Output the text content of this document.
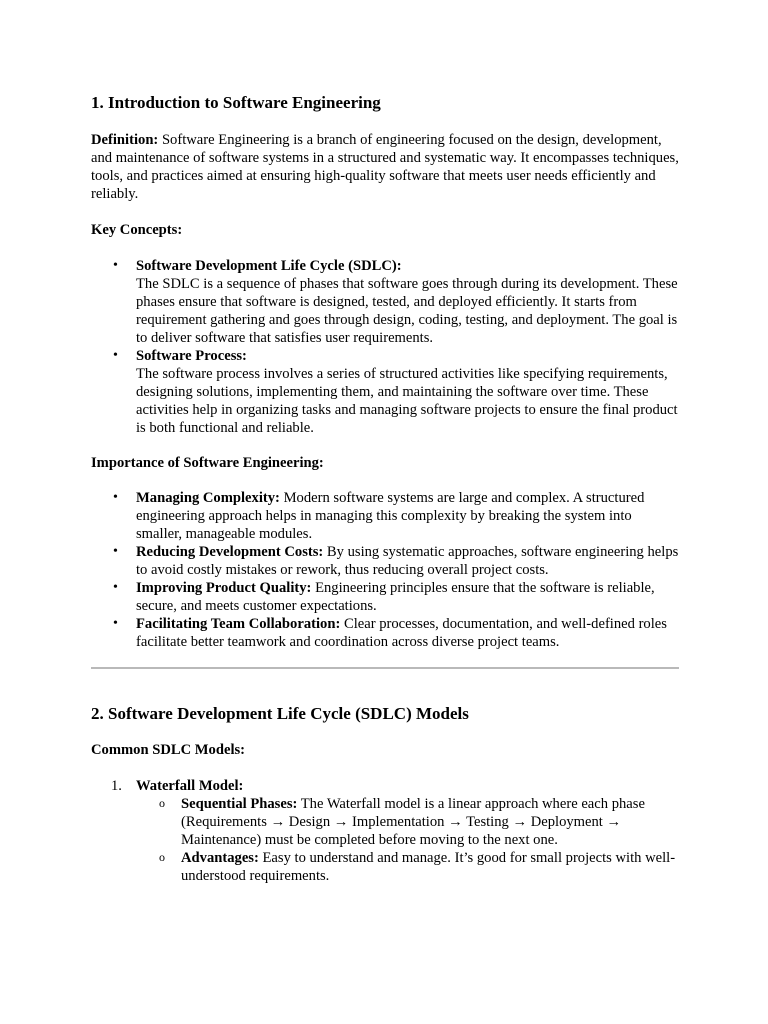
1. Introduction to Software Engineering

Definition: Software Engineering is a branch of engineering focused on the design, development, and maintenance of software systems in a structured and systematic way. It encompasses techniques, tools, and practices aimed at ensuring high-quality software that meets user needs efficiently and reliably.

Key Concepts:

• Software Development Life Cycle (SDLC):
The SDLC is a sequence of phases that software goes through during its development. These phases ensure that software is designed, tested, and deployed efficiently. It starts from requirement gathering and goes through design, coding, testing, and deployment. The goal is to deliver software that satisfies user requirements.
• Software Process:
The software process involves a series of structured activities like specifying requirements, designing solutions, implementing them, and maintaining the software over time. These activities help in organizing tasks and managing software projects to ensure the final product is both functional and reliable.

Importance of Software Engineering:

• Managing Complexity: Modern software systems are large and complex. A structured engineering approach helps in managing this complexity by breaking the system into smaller, manageable modules.
• Reducing Development Costs: By using systematic approaches, software engineering helps to avoid costly mistakes or rework, thus reducing overall project costs.
• Improving Product Quality: Engineering principles ensure that the software is reliable, secure, and meets customer expectations.
• Facilitating Team Collaboration: Clear processes, documentation, and well-defined roles facilitate better teamwork and coordination across diverse project teams.
2. Software Development Life Cycle (SDLC) Models

Common SDLC Models:

1. Waterfall Model:
o Sequential Phases: The Waterfall model is a linear approach where each phase (Requirements → Design → Implementation → Testing → Deployment → Maintenance) must be completed before moving to the next one.
o Advantages: Easy to understand and manage. It’s good for small projects with well-understood requirements.
